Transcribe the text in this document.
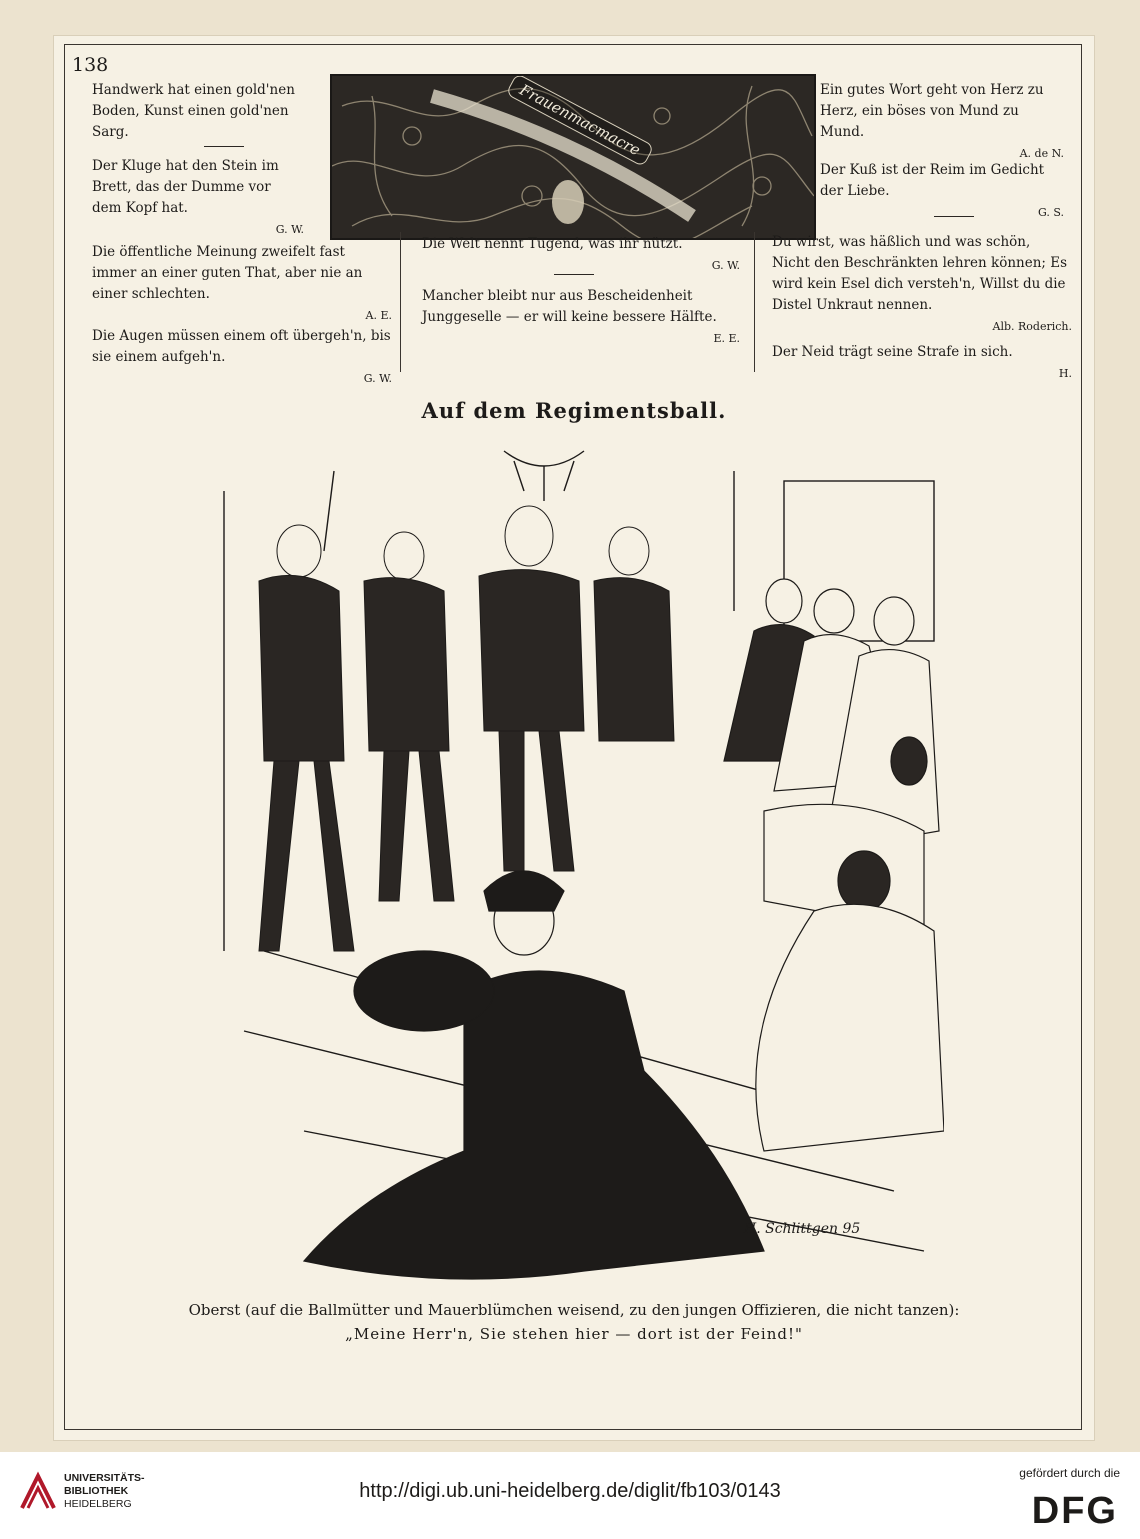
138

Handwerk hat einen gold'nen Boden, Kunst einen gold'nen Sarg.

Der Kluge hat den Stein im Brett, das der Dumme vor dem Kopf hat.

G. W.

Frauenmacmacre	Ein gutes Wort geht von Herz zu Herz, ein böses von Mund zu Mund.

A. de N.

Der Kuß ist der Reim im Gedicht der Liebe.

G. S.

Die öffentliche Meinung zweifelt fast immer an einer guten That, aber nie an einer schlechten.

A. E.

Die Augen müssen einem oft übergeh'n, bis sie einem aufgeh'n.

G. W.

Die Welt nennt Tugend, was ihr nützt.

G. W.

Mancher bleibt nur aus Bescheidenheit Junggeselle — er will keine bessere Hälfte.

E. E.

Du wirst, was häßlich und was schön, Nicht den Beschränkten lehren können; Es wird kein Esel dich versteh'n, Willst du die Distel Unkraut nennen.

Alb. Roderich.

Der Neid trägt seine Strafe in sich.

H.

Auf dem Regimentsball.
H. Schlittgen 95
Oberst (auf die Ballmütter und Mauerblümchen weisend, zu den jungen Offizieren, die nicht tanzen):
„Meine Herr'n, Sie stehen hier — dort ist der Feind!"
UNIVERSITÄTS-
BIBLIOTHEK
HEIDELBERG
http://digi.ub.uni-heidelberg.de/diglit/fb103/0143
gefördert durch die
DFG
